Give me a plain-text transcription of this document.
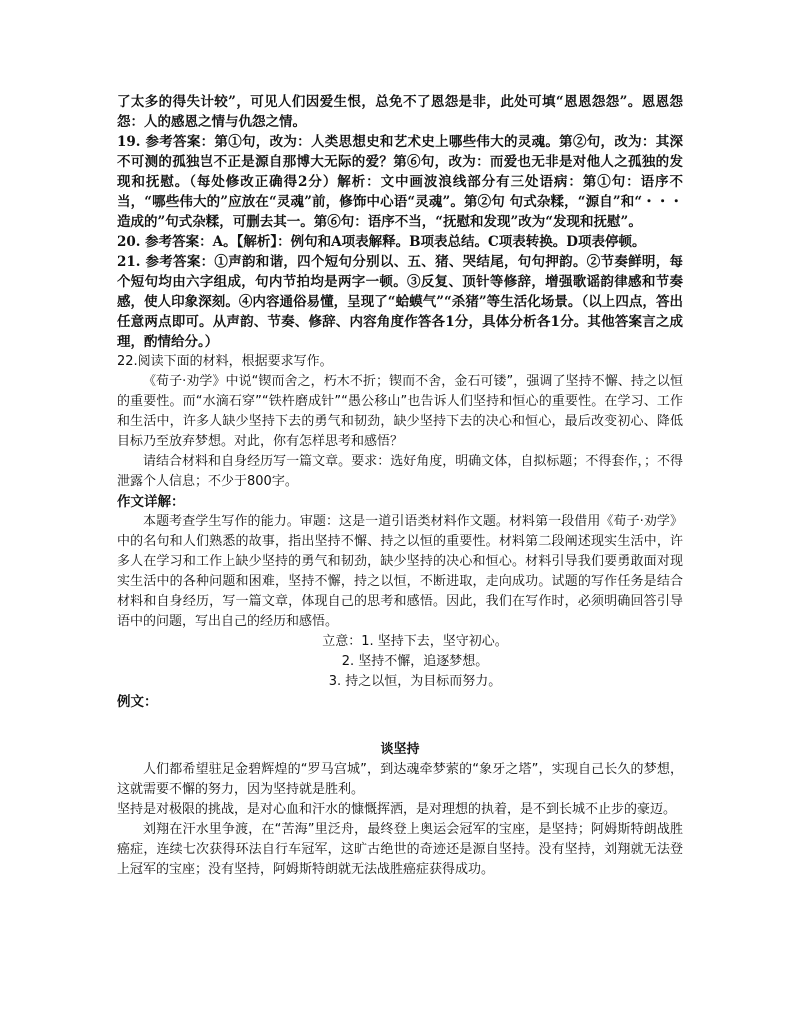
了太多的得失计较”，可见人们因爱生恨，总免不了恩怨是非，此处可填“恩恩怨怨”。恩恩怨怨：人的感恩之情与仇怨之情。

19. 参考答案：第①句，改为：人类思想史和艺术史上哪些伟大的灵魂。第②句，改为：其深不可测的孤独岂不正是源自那博大无际的爱？第⑥句，改为：而爱也无非是对他人之孤独的发现和抚慰。（每处修改正确得2分）解析：文中画波浪线部分有三处语病：第①句：语序不当，“哪些伟大的”应放在“灵魂”前，修饰中心语“灵魂”。第②句 句式杂糅，“源自”和“・・・造成的”句式杂糅，可删去其一。第⑥句：语序不当，“抚慰和发现”改为“发现和抚慰”。

20. 参考答案：A。【解析】：例句和A项表解释。B项表总结。C项表转换。D项表停顿。

21. 参考答案：①声韵和谐，四个短句分别以、五、猪、哭结尾，句句押韵。②节奏鲜明，每个短句均由六字组成，句内节拍均是两字一顿。③反复、顶针等修辞，增强歌谣韵律感和节奏感，使人印象深刻。④内容通俗易懂，呈现了“蛤蟆气”“杀猪”等生活化场景。（以上四点，答出任意两点即可。从声韵、节奏、修辞、内容角度作答各1分，具体分析各1分。其他答案言之成理，酌情给分。）

22.阅读下面的材料，根据要求写作。

《荀子·劝学》中说“锲而舍之，朽木不折；锲而不舍，金石可镂”，强调了坚持不懈、持之以恒的重要性。而“水滴石穿”“铁杵磨成针”“愚公移山”也告诉人们坚持和恒心的重要性。在学习、工作和生活中，许多人缺少坚持下去的勇气和韧劲，缺少坚持下去的决心和恒心，最后改变初心、降低目标乃至放弃梦想。对此，你有怎样思考和感悟？

请结合材料和自身经历写一篇文章。要求：选好角度，明确文体，自拟标题；不得套作，；不得泄露个人信息；不少于800字。

作文详解：

本题考查学生写作的能力。审题：这是一道引语类材料作文题。材料第一段借用《荀子·劝学》中的名句和人们熟悉的故事，指出坚持不懈、持之以恒的重要性。材料第二段阐述现实生活中，许多人在学习和工作上缺少坚持的勇气和韧劲，缺少坚持的决心和恒心。材料引导我们要勇敢面对现实生活中的各种问题和困难，坚持不懈，持之以恒，不断进取，走向成功。试题的写作任务是结合材料和自身经历，写一篇文章，体现自己的思考和感悟。因此，我们在写作时，必须明确回答引导语中的问题，写出自己的经历和感悟。

立意：1. 坚持下去，坚守初心。

2. 坚持不懈，追逐梦想。

3. 持之以恒，为目标而努力。

例文：

谈坚持

人们都希望驻足金碧辉煌的“罗马宫城”，到达魂牵梦萦的“象牙之塔”，实现自己长久的梦想，这就需要不懈的努力，因为坚持就是胜利。

坚持是对极限的挑战，是对心血和汗水的慷慨挥洒，是对理想的执着，是不到长城不止步的豪迈。

刘翔在汗水里争渡，在“苦海”里泛舟，最终登上奥运会冠军的宝座，是坚持；阿姆斯特朗战胜癌症，连续七次获得环法自行车冠军，这旷古绝世的奇迹还是源自坚持。没有坚持，刘翔就无法登上冠军的宝座；没有坚持，阿姆斯特朗就无法战胜癌症获得成功。
